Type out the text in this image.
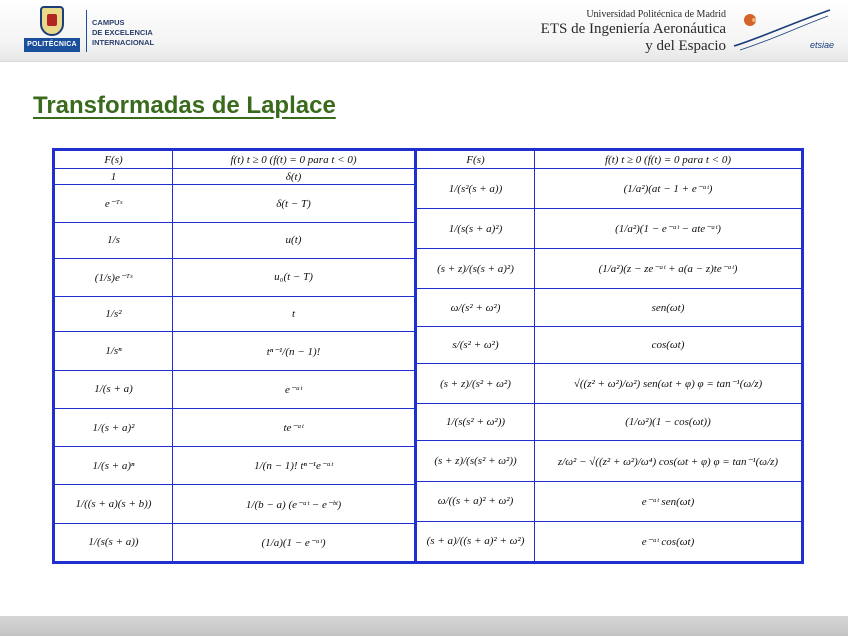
POLITÉCNICA
CAMPUS
DE EXCELENCIA
INTERNACIONAL
Universidad Politécnica de Madrid
ETS de Ingeniería Aeronáutica
y del Espacio	etsiae
Transformadas de Laplace
F(s)	f(t) t ≥ 0 (f(t) = 0 para t < 0)
1	δ(t)
e⁻ᵀˢ	δ(t − T)
1/s	u(t)
(1/s)e⁻ᵀˢ	u₀(t − T)
1/s²	t
1/sⁿ	tⁿ⁻¹/(n − 1)!
1/(s + a)	e⁻ᵃᵗ
1/(s + a)²	te⁻ᵃᵗ
1/(s + a)ⁿ	1/(n − 1)! tⁿ⁻¹e⁻ᵃᵗ
1/((s + a)(s + b))	1/(b − a) (e⁻ᵃᵗ − e⁻ᵇᵗ)
1/(s(s + a))	(1/a)(1 − e⁻ᵃᵗ)
F(s)	f(t) t ≥ 0 (f(t) = 0 para t < 0)
1/(s²(s + a))	(1/a²)(at − 1 + e⁻ᵃᵗ)
1/(s(s + a)²)	(1/a²)(1 − e⁻ᵃᵗ − ate⁻ᵃᵗ)
(s + z)/(s(s + a)²)	(1/a²)(z − ze⁻ᵃᵗ + a(a − z)te⁻ᵃᵗ)
ω/(s² + ω²)	sen(ωt)
s/(s² + ω²)	cos(ωt)
(s + z)/(s² + ω²)	√((z² + ω²)/ω²) sen(ωt + φ) φ = tan⁻¹(ω/z)
1/(s(s² + ω²))	(1/ω²)(1 − cos(ωt))
(s + z)/(s(s² + ω²))	z/ω² − √((z² + ω²)/ω⁴) cos(ωt + φ) φ = tan⁻¹(ω/z)
ω/((s + a)² + ω²)	e⁻ᵃᵗ sen(ωt)
(s + a)/((s + a)² + ω²)	e⁻ᵃᵗ cos(ωt)
